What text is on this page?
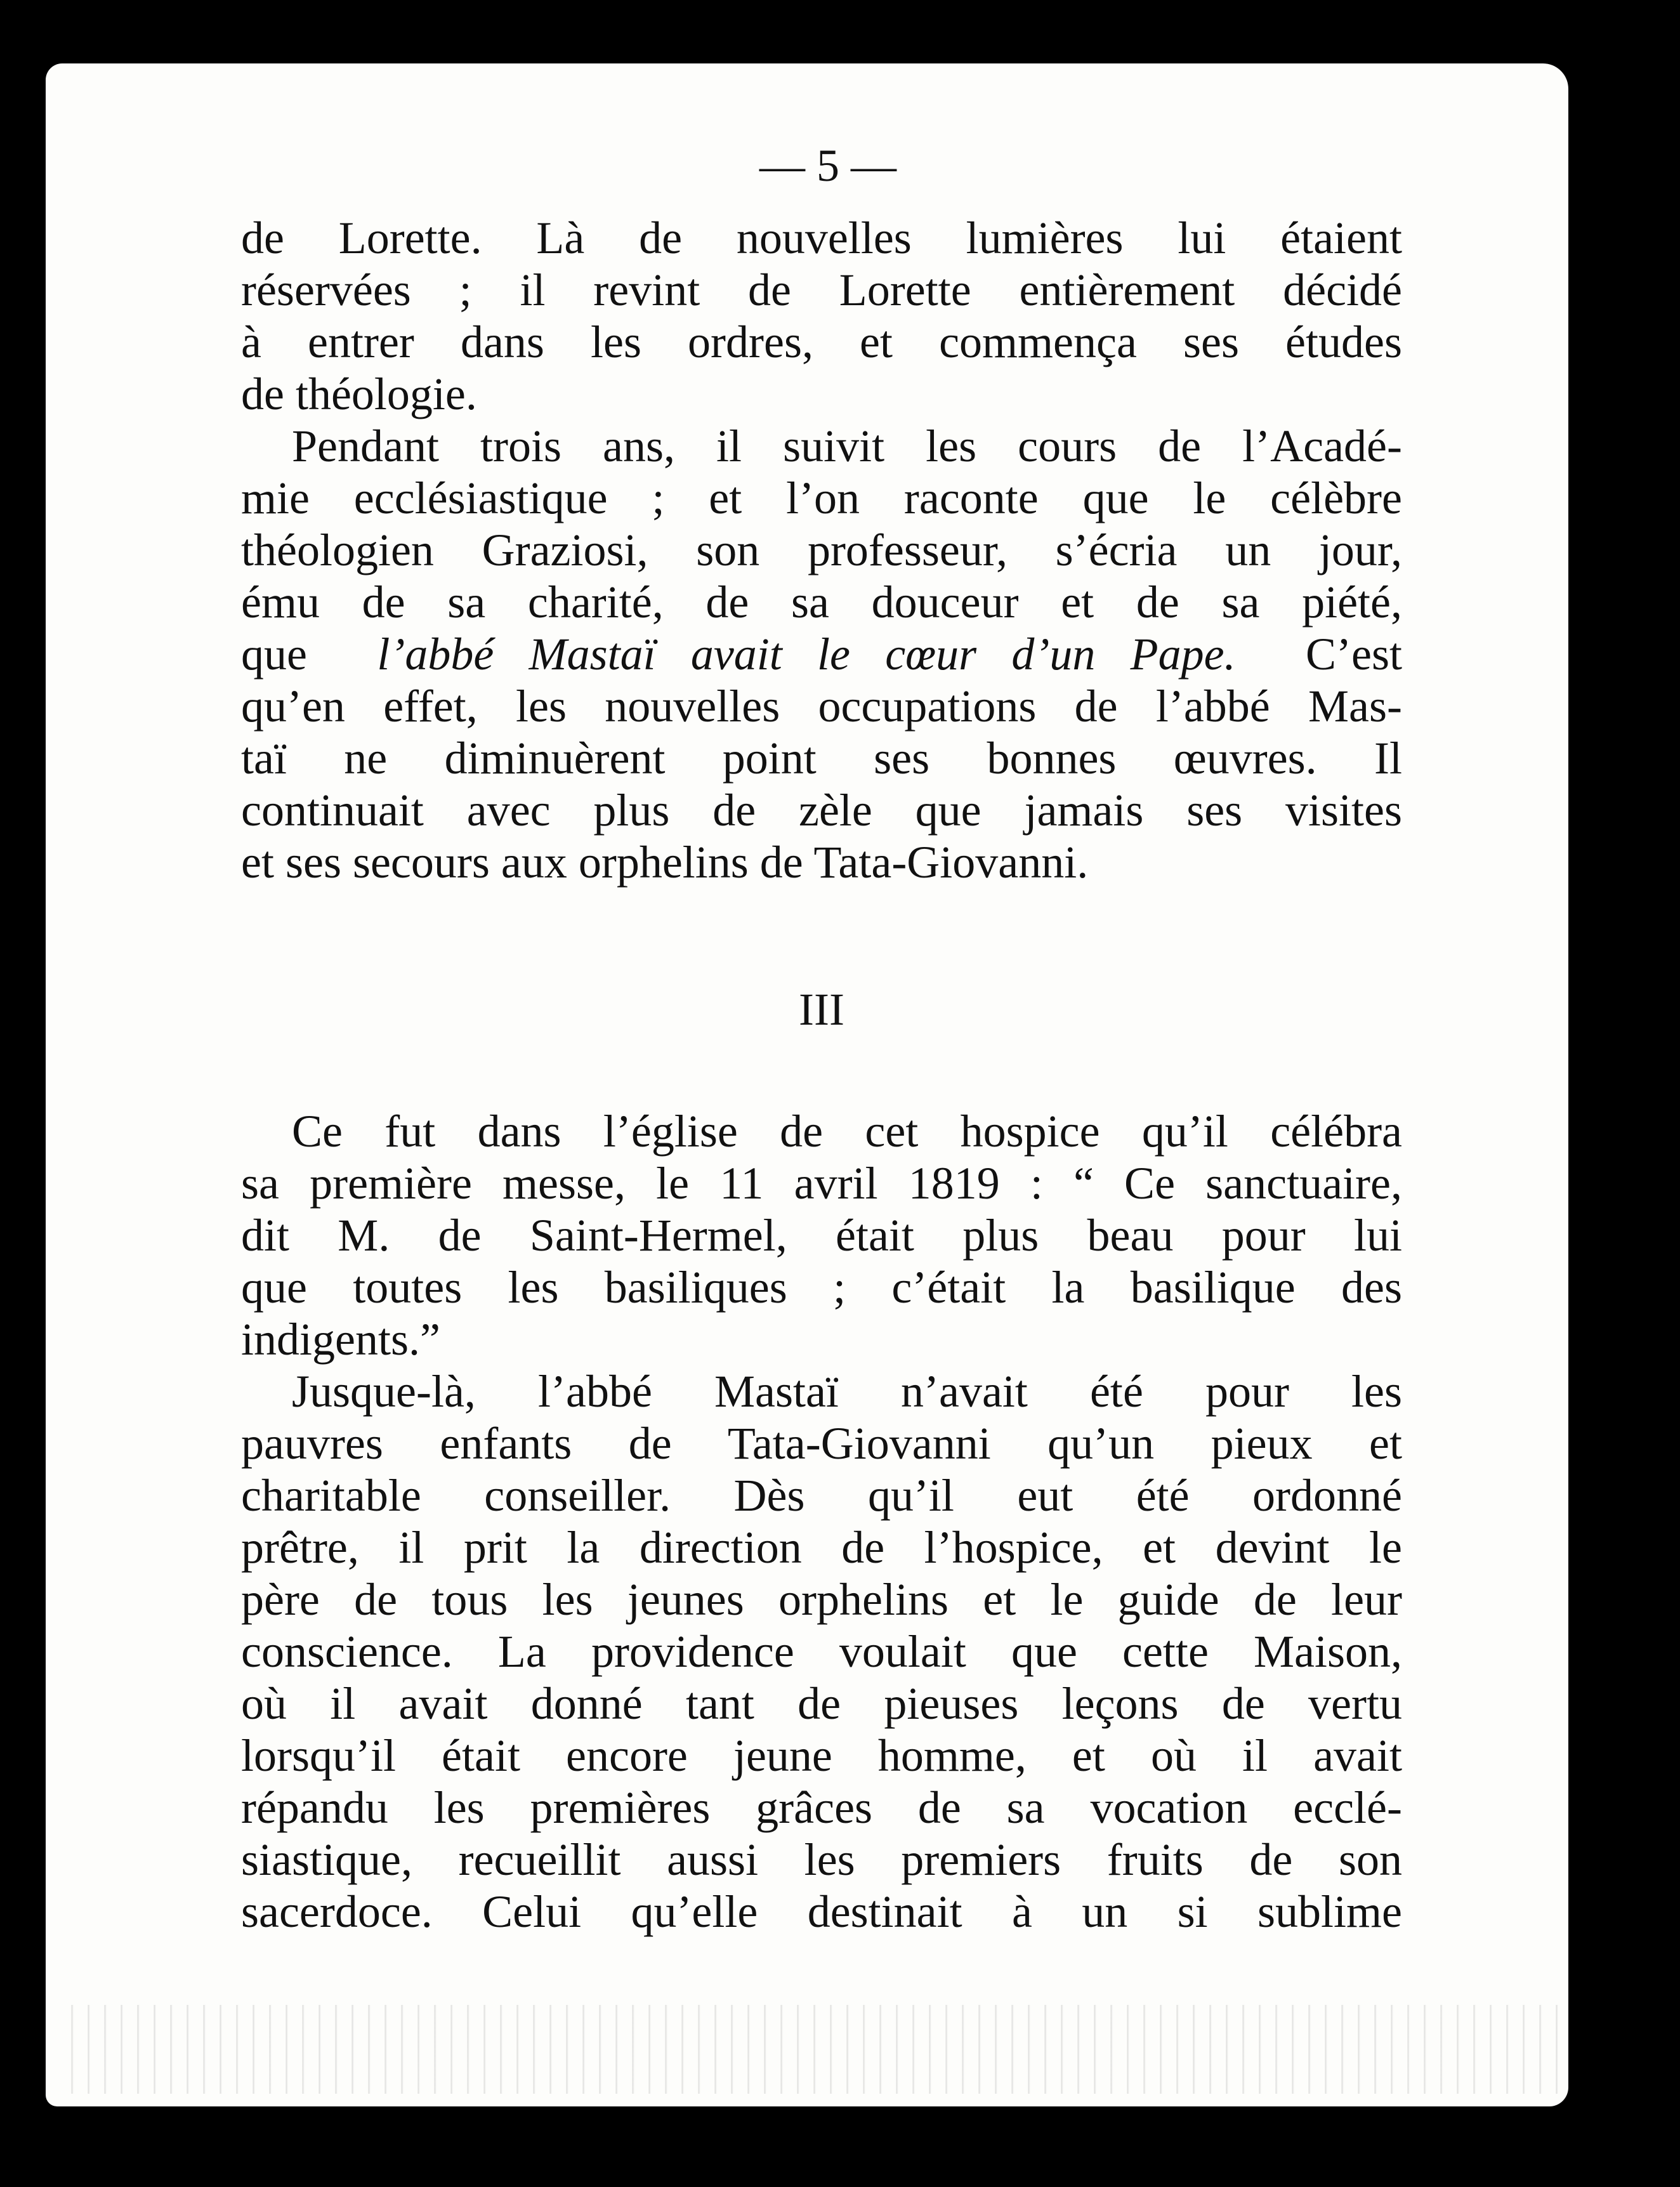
— 5 —
de Lorette. Là de nouvelles lumières lui étaient
réservées ; il revint de Lorette entièrement décidé
à entrer dans les ordres, et commença ses études
de théologie.
Pendant trois ans, il suivit les cours de l’Acadé-
mie ecclésiastique ; et l’on raconte que le célèbre
théologien Graziosi, son professeur, s’écria un jour,
ému de sa charité, de sa douceur et de sa piété,
que l’abbé Mastaï avait le cœur d’un Pape. C’est
qu’en effet, les nouvelles occupations de l’abbé Mas-
taï ne diminuèrent point ses bonnes œuvres. Il
continuait avec plus de zèle que jamais ses visites
et ses secours aux orphelins de Tata-Giovanni.
III
Ce fut dans l’église de cet hospice qu’il célébra
sa première messe, le 11 avril 1819 : “ Ce sanctuaire,
dit M. de Saint-Hermel, était plus beau pour lui
que toutes les basiliques ; c’était la basilique des
indigents.”
Jusque-là, l’abbé Mastaï n’avait été pour les
pauvres enfants de Tata-Giovanni qu’un pieux et
charitable conseiller. Dès qu’il eut été ordonné
prêtre, il prit la direction de l’hospice, et devint le
père de tous les jeunes orphelins et le guide de leur
conscience. La providence voulait que cette Maison,
où il avait donné tant de pieuses leçons de vertu
lorsqu’il était encore jeune homme, et où il avait
répandu les premières grâces de sa vocation ecclé-
siastique, recueillit aussi les premiers fruits de son
sacerdoce. Celui qu’elle destinait à un si sublime
